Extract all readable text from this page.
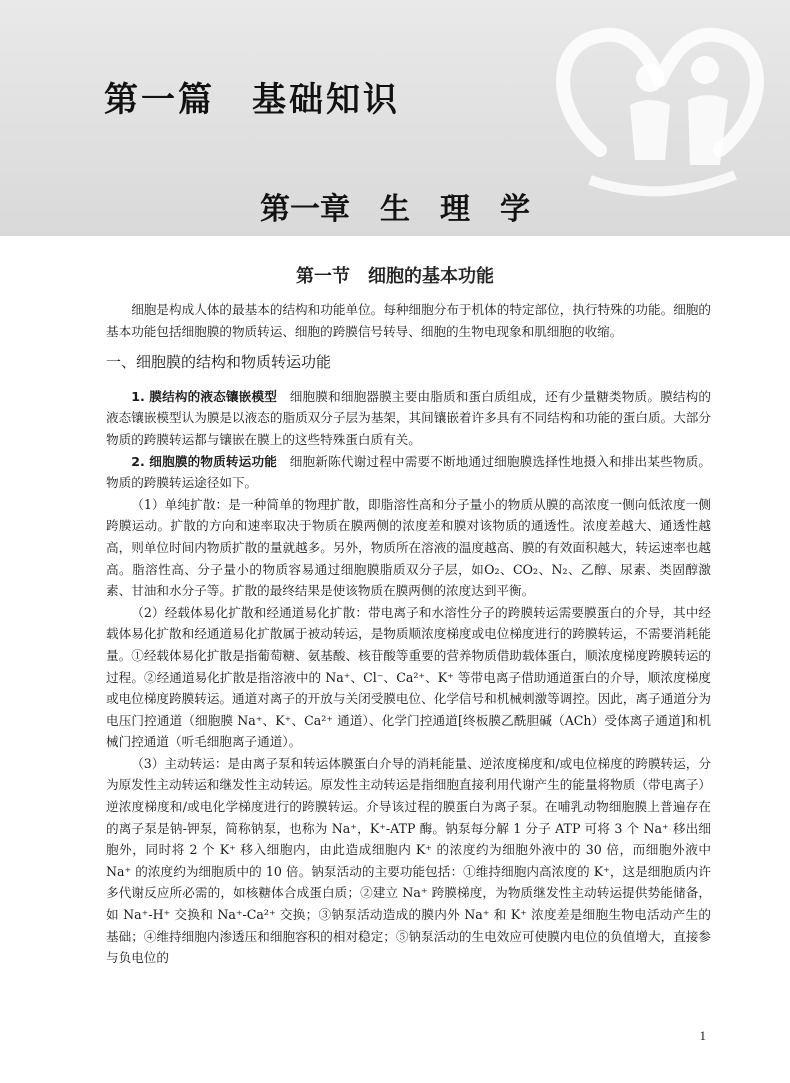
第一篇　基础知识
第一章　生　理　学
第一节　细胞的基本功能

细胞是构成人体的最基本的结构和功能单位。每种细胞分布于机体的特定部位，执行特殊的功能。细胞的基本功能包括细胞膜的物质转运、细胞的跨膜信号转导、细胞的生物电现象和肌细胞的收缩。

一、细胞膜的结构和物质转运功能

1. 膜结构的液态镶嵌模型　细胞膜和细胞器膜主要由脂质和蛋白质组成，还有少量糖类物质。膜结构的液态镶嵌模型认为膜是以液态的脂质双分子层为基架，其间镶嵌着许多具有不同结构和功能的蛋白质。大部分物质的跨膜转运都与镶嵌在膜上的这些特殊蛋白质有关。

2. 细胞膜的物质转运功能　细胞新陈代谢过程中需要不断地通过细胞膜选择性地摄入和排出某些物质。物质的跨膜转运途径如下。

（1）单纯扩散：是一种简单的物理扩散，即脂溶性高和分子量小的物质从膜的高浓度一侧向低浓度一侧跨膜运动。扩散的方向和速率取决于物质在膜两侧的浓度差和膜对该物质的通透性。浓度差越大、通透性越高，则单位时间内物质扩散的量就越多。另外，物质所在溶液的温度越高、膜的有效面积越大，转运速率也越高。脂溶性高、分子量小的物质容易通过细胞膜脂质双分子层，如O₂、CO₂、N₂、乙醇、尿素、类固醇激素、甘油和水分子等。扩散的最终结果是使该物质在膜两侧的浓度达到平衡。

（2）经载体易化扩散和经通道易化扩散：带电离子和水溶性分子的跨膜转运需要膜蛋白的介导，其中经载体易化扩散和经通道易化扩散属于被动转运，是物质顺浓度梯度或电位梯度进行的跨膜转运，不需要消耗能量。①经载体易化扩散是指葡萄糖、氨基酸、核苷酸等重要的营养物质借助载体蛋白，顺浓度梯度跨膜转运的过程。②经通道易化扩散是指溶液中的 Na⁺、Cl⁻、Ca²⁺、K⁺ 等带电离子借助通道蛋白的介导，顺浓度梯度或电位梯度跨膜转运。通道对离子的开放与关闭受膜电位、化学信号和机械刺激等调控。因此，离子通道分为电压门控通道（细胞膜 Na⁺、K⁺、Ca²⁺ 通道）、化学门控通道[终板膜乙酰胆碱（ACh）受体离子通道]和机械门控通道（听毛细胞离子通道）。

（3）主动转运：是由离子泵和转运体膜蛋白介导的消耗能量、逆浓度梯度和/或电位梯度的跨膜转运，分为原发性主动转运和继发性主动转运。原发性主动转运是指细胞直接利用代谢产生的能量将物质（带电离子）逆浓度梯度和/或电化学梯度进行的跨膜转运。介导该过程的膜蛋白为离子泵。在哺乳动物细胞膜上普遍存在的离子泵是钠-钾泵，简称钠泵，也称为 Na⁺，K⁺-ATP 酶。钠泵每分解 1 分子 ATP 可将 3 个 Na⁺ 移出细胞外，同时将 2 个 K⁺ 移入细胞内，由此造成细胞内 K⁺ 的浓度约为细胞外液中的 30 倍，而细胞外液中 Na⁺ 的浓度约为细胞质中的 10 倍。钠泵活动的主要功能包括：①维持细胞内高浓度的 K⁺，这是细胞质内许多代谢反应所必需的，如核糖体合成蛋白质；②建立 Na⁺ 跨膜梯度，为物质继发性主动转运提供势能储备，如 Na⁺-H⁺ 交换和 Na⁺-Ca²⁺ 交换；③钠泵活动造成的膜内外 Na⁺ 和 K⁺ 浓度差是细胞生物电活动产生的基础；④维持细胞内渗透压和细胞容积的相对稳定；⑤钠泵活动的生电效应可使膜内电位的负值增大，直接参与负电位的

1
